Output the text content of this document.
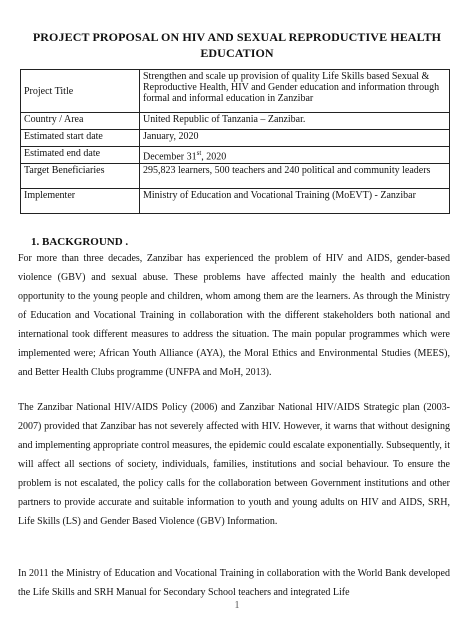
PROJECT PROPOSAL ON HIV AND SEXUAL REPRODUCTIVE HEALTH
EDUCATION
Project Title	Strengthen and scale up provision of quality Life Skills based Sexual & Reproductive Health, HIV and Gender education and information through formal and informal education in Zanzibar
Country / Area	United Republic of Tanzania – Zanzibar.
Estimated start date	January, 2020
Estimated end date	December 31st, 2020
Target Beneficiaries	295,823 learners, 500 teachers and 240 political and community leaders
Implementer	Ministry of Education and Vocational Training (MoEVT) - Zanzibar
1. BACKGROUND .
For more than three decades, Zanzibar has experienced the problem of HIV and AIDS, gender-based violence (GBV) and sexual abuse. These problems have affected mainly the health and education opportunity to the young people and children, whom among them are the learners. As through the Ministry of Education and Vocational Training in collaboration with the different stakeholders both national and international took different measures to address the situation. The main popular programmes which were implemented were; African Youth Alliance (AYA), the Moral Ethics and Environmental Studies (MEES), and Better Health Clubs programme (UNFPA and MoH, 2013).
The Zanzibar National HIV/AIDS Policy (2006) and Zanzibar National HIV/AIDS Strategic plan (2003-2007) provided that Zanzibar has not severely affected with HIV. However, it warns that without designing and implementing appropriate control measures, the epidemic could escalate exponentially. Subsequently, it will affect all sections of society, individuals, families, institutions and social behaviour. To ensure the problem is not escalated, the policy calls for the collaboration between Government institutions and other partners to provide accurate and suitable information to youth and young adults on HIV and AIDS, SRH, Life Skills (LS) and Gender Based Violence (GBV) Information.
In 2011 the Ministry of Education and Vocational Training in collaboration with the World Bank developed the Life Skills and SRH Manual for Secondary School teachers and integrated Life
1
